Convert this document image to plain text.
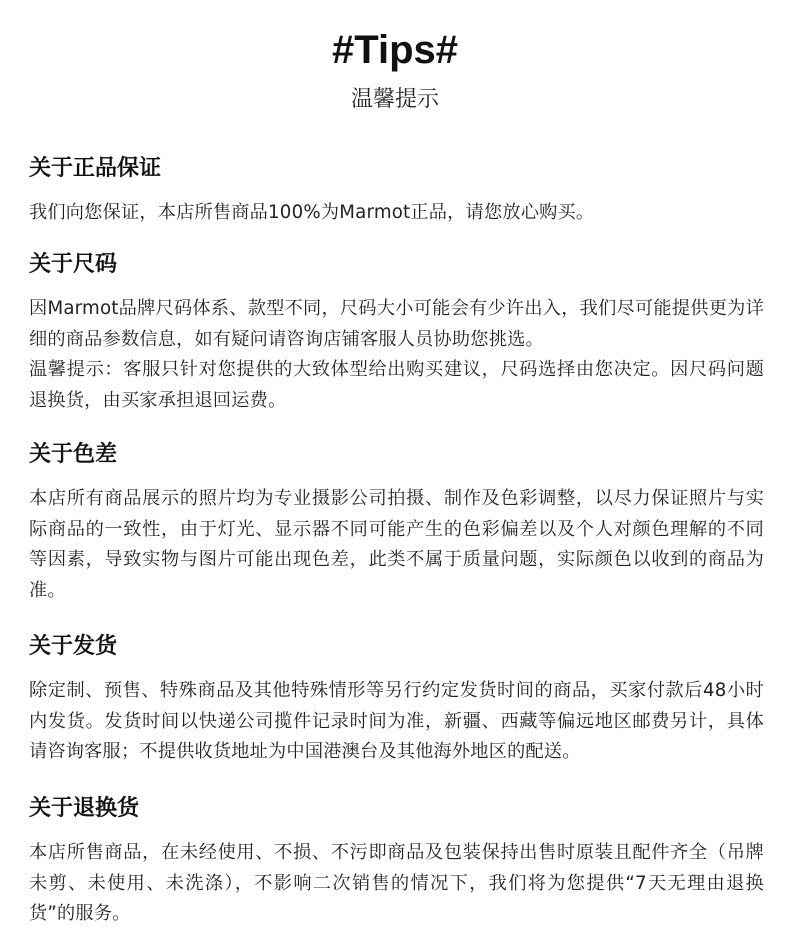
#Tips#
温馨提示
关于正品保证

我们向您保证，本店所售商品100%为Marmot正品，请您放心购买。

关于尺码

因Marmot品牌尺码体系、款型不同，尺码大小可能会有少许出入，我们尽可能提供更为详细的商品参数信息，如有疑问请咨询店铺客服人员协助您挑选。

温馨提示：客服只针对您提供的大致体型给出购买建议，尺码选择由您决定。因尺码问题退换货，由买家承担退回运费。

关于色差

本店所有商品展示的照片均为专业摄影公司拍摄、制作及色彩调整，以尽力保证照片与实际商品的一致性，由于灯光、显示器不同可能产生的色彩偏差以及个人对颜色理解的不同等因素，导致实物与图片可能出现色差，此类不属于质量问题，实际颜色以收到的商品为准。

关于发货

除定制、预售、特殊商品及其他特殊情形等另行约定发货时间的商品，买家付款后48小时内发货。发货时间以快递公司揽件记录时间为准，新疆、西藏等偏远地区邮费另计，具体请咨询客服；不提供收货地址为中国港澳台及其他海外地区的配送。

关于退换货

本店所售商品，在未经使用、不损、不污即商品及包装保持出售时原装且配件齐全（吊牌未剪、未使用、未洗涤），不影响二次销售的情况下，我们将为您提供“7天无理由退换货”的服务。
